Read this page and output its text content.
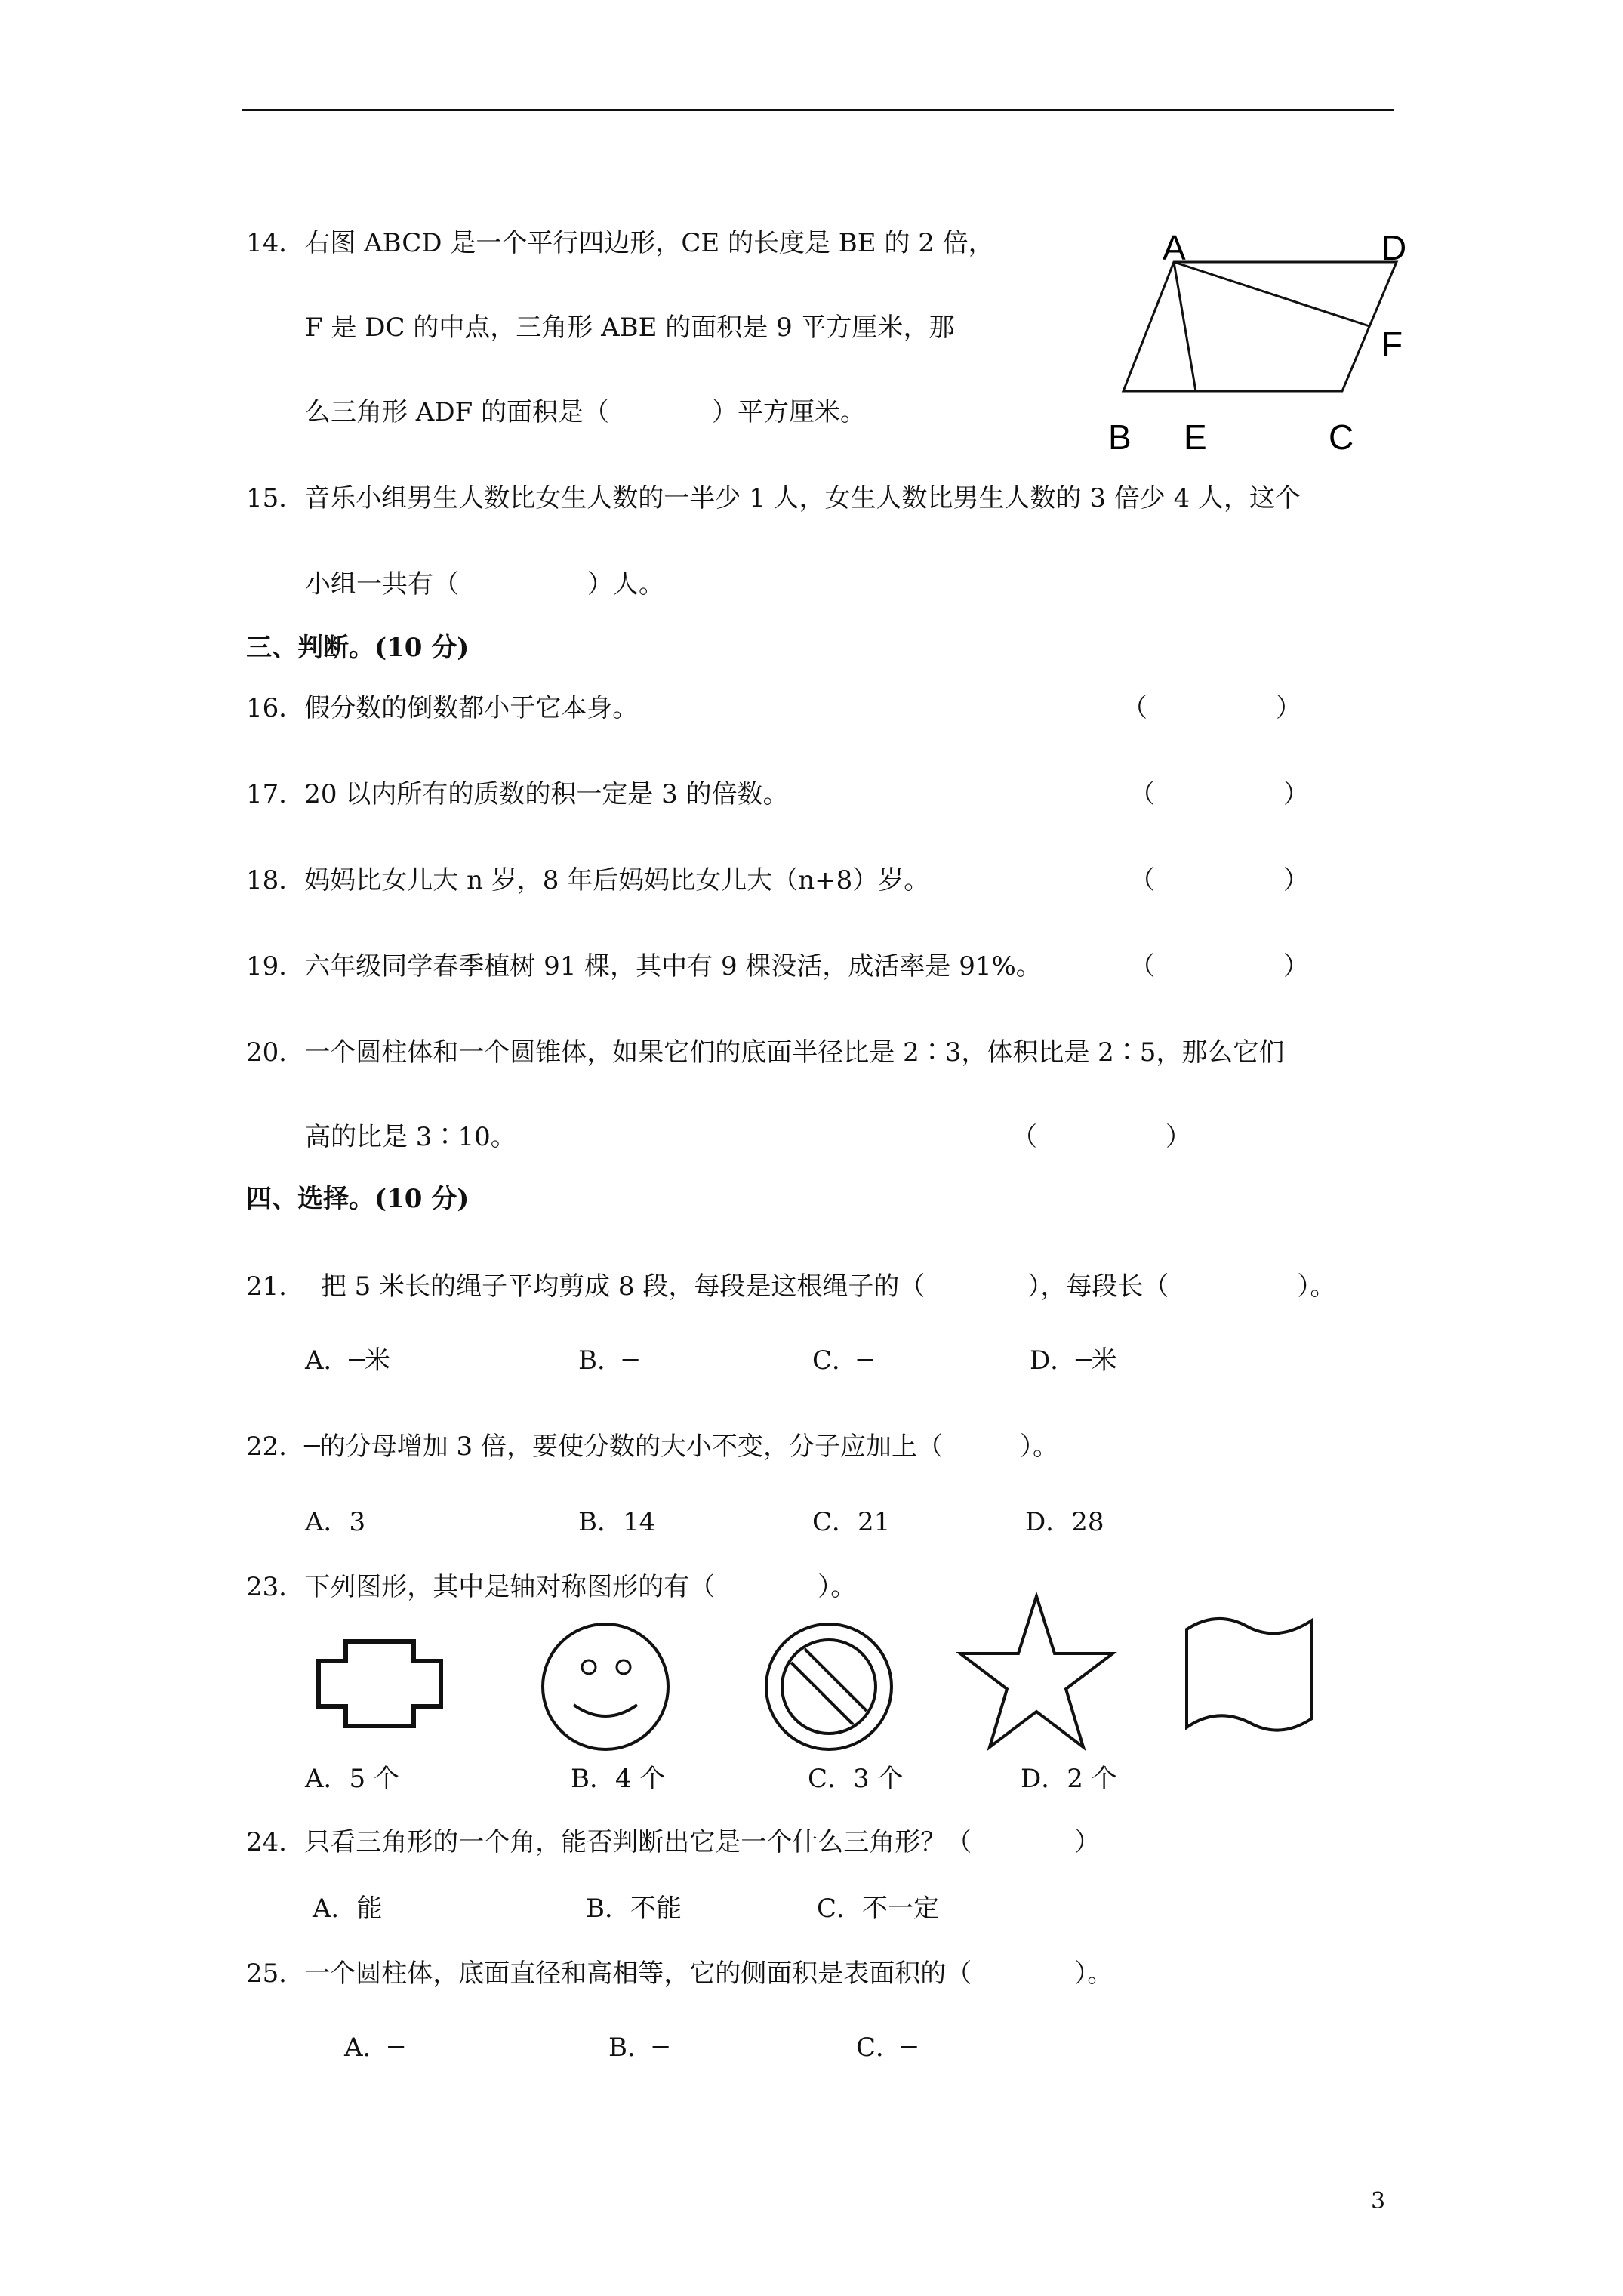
14．右图 ABCD 是一个平行四边形，CE 的长度是 BE 的 2 倍，
F 是 DC 的中点，三角形 ABE 的面积是 9 平方厘米，那
么三角形 ADF 的面积是（　　　　）平方厘米。
A	D
F
B E	C
15．音乐小组男生人数比女生人数的一半少 1 人，女生人数比男生人数的 3 倍少 4 人，这个
小组一共有（　　　　　）人。
三、判断。(10 分)
16．假分数的倒数都小于它本身。	（　　　　　）
17．20 以内所有的质数的积一定是 3 的倍数。	（　　　　　）
18．妈妈比女儿大 n 岁，8 年后妈妈比女儿大（n+8）岁。	（　　　　　）
19．六年级同学春季植树 91 棵，其中有 9 棵没活，成活率是 91%。	（　　　　　）
20．一个圆柱体和一个圆锥体，如果它们的底面半径比是 2∶3，体积比是 2∶5，那么它们
高的比是 3∶10。	（　　　　　）
四、选择。(10 分)
21．  把 5 米长的绳子平均剪成 8 段，每段是这根绳子的（　　　　），每段长（　　　　　）。
A．─米	B．─	C．─	D．─米
22．─的分母增加 3 倍，要使分数的大小不变，分子应加上（　　　）。
A．3	B．14	C．21	D．28
23．下列图形，其中是轴对称图形的有（　　　　）。
A．5 个	B．4 个	C．3 个	D．2 个
24．只看三角形的一个角，能否判断出它是一个什么三角形？（　　　　）
A．能	B．不能	C．不一定
25．一个圆柱体，底面直径和高相等，它的侧面积是表面积的（　　　　）。
A．─	B．─	C．─
3
